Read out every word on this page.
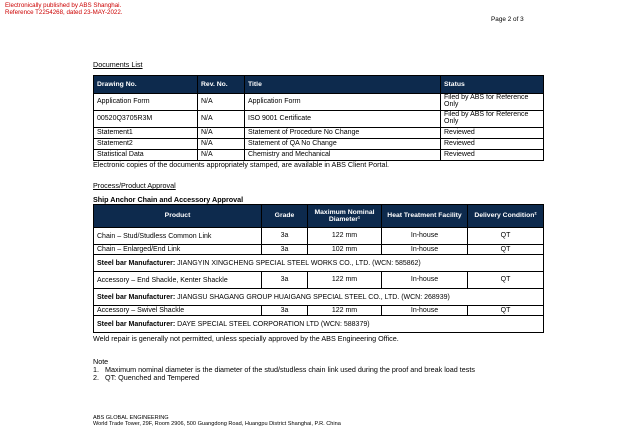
Electronically published by ABS Shanghai.
Reference T2254268, dated 23-MAY-2022.
Page 2 of 3
Documents List
Drawing No.	Rev. No.	Title	Status
Application Form	N/A	Application Form	Filed by ABS for Reference Only
00520Q3705R3M	N/A	ISO 9001 Certificate	Filed by ABS for Reference Only
Statement1	N/A	Statement of Procedure No Change	Reviewed
Statement2	N/A	Statement of QA No Change	Reviewed
Statistical Data	N/A	Chemistry and Mechanical	Reviewed
Electronic copies of the documents appropriately stamped, are available in ABS Client Portal.
Process/Product Approval
Ship Anchor Chain and Accessory Approval
Product	Grade	Maximum Nominal Diameter¹	Heat Treatment Facility	Delivery Condition²
Chain – Stud/Studless Common Link	3a	122 mm	In-house	QT
Chain – Enlarged/End Link	3a	102 mm	In-house	QT
Steel bar Manufacturer: JIANGYIN XINGCHENG SPECIAL STEEL WORKS CO., LTD. (WCN: 585862)				
Accessory – End Shackle, Kenter Shackle	3a	122 mm	In-house	QT
Steel bar Manufacturer: JIANGSU SHAGANG GROUP HUAIGANG SPECIAL STEEL CO., LTD. (WCN: 268939)				
Accessory – Swivel Shackle	3a	122 mm	In-house	QT
Steel bar Manufacturer: DAYE SPECIAL STEEL CORPORATION LTD (WCN: 588379)				
Weld repair is generally not permitted, unless specially approved by the ABS Engineering Office.
Note
1. Maximum nominal diameter is the diameter of the stud/studless chain link used during the proof and break load tests
2. QT: Quenched and Tempered
ABS GLOBAL ENGINEERING
World Trade Tower, 29F, Room 2906, 500 Guangdong Road, Huangpu District Shanghai, P.R. China
